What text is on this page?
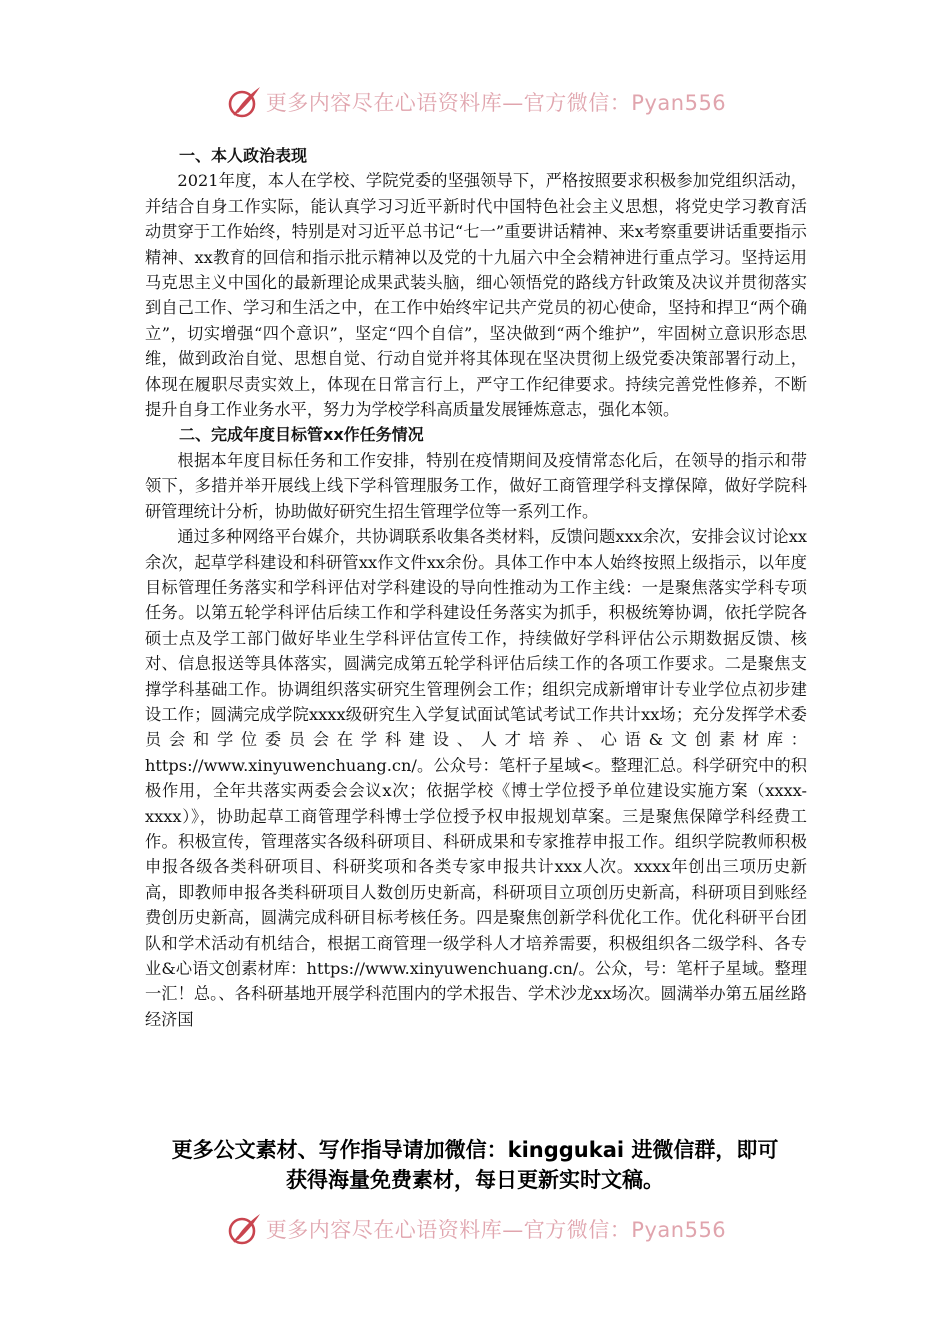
更多内容尽在心语资料库—官方微信：Pyan556

一、本人政治表现

2021年度，本人在学校、学院党委的坚强领导下，严格按照要求积极参加党组织活动，并结合自身工作实际，能认真学习习近平新时代中国特色社会主义思想，将党史学习教育活动贯穿于工作始终，特别是对习近平总书记“七一”重要讲话精神、来x考察重要讲话重要指示精神、xx教育的回信和指示批示精神以及党的十九届六中全会精神进行重点学习。坚持运用马克思主义中国化的最新理论成果武装头脑，细心领悟党的路线方针政策及决议并贯彻落实到自己工作、学习和生活之中，在工作中始终牢记共产党员的初心使命，坚持和捍卫“两个确立”，切实增强“四个意识”，坚定“四个自信”，坚决做到“两个维护”，牢固树立意识形态思维，做到政治自觉、思想自觉、行动自觉并将其体现在坚决贯彻上级党委决策部署行动上，体现在履职尽责实效上，体现在日常言行上，严守工作纪律要求。持续完善党性修养，不断提升自身工作业务水平，努力为学校学科高质量发展锤炼意志，强化本领。

二、完成年度目标管xx作任务情况

根据本年度目标任务和工作安排，特别在疫情期间及疫情常态化后，在领导的指示和带领下，多措并举开展线上线下学科管理服务工作，做好工商管理学科支撑保障，做好学院科研管理统计分析，协助做好研究生招生管理学位等一系列工作。

通过多种网络平台媒介，共协调联系收集各类材料，反馈问题xxx余次，安排会议讨论xx余次，起草学科建设和科研管xx作文件xx余份。具体工作中本人始终按照上级指示，以年度目标管理任务落实和学科评估对学科建设的导向性推动为工作主线：一是聚焦落实学科专项任务。以第五轮学科评估后续工作和学科建设任务落实为抓手，积极统筹协调，依托学院各硕士点及学工部门做好毕业生学科评估宣传工作，持续做好学科评估公示期数据反馈、核对、信息报送等具体落实，圆满完成第五轮学科评估后续工作的各项工作要求。二是聚焦支撑学科基础工作。协调组织落实研究生管理例会工作；组织完成新增审计专业学位点初步建设工作；圆满完成学院xxxx级研究生入学复试面试笔试考试工作共计xx场；充分发挥学术委员会和学位委员会在学科建设、人才培养、心语&文创素材库：https://www.xinyuwenchuang.cn/。公众号：笔杆子星域<。整理汇总。科学研究中的积极作用，全年共落实两委会会议x次；依据学校《博士学位授予单位建设实施方案（xxxx-xxxx）》，协助起草工商管理学科博士学位授予权申报规划草案。三是聚焦保障学科经费工作。积极宣传，管理落实各级科研项目、科研成果和专家推荐申报工作。组织学院教师积极申报各级各类科研项目、科研奖项和各类专家申报共计xxx人次。xxxx年创出三项历史新高，即教师申报各类科研项目人数创历史新高，科研项目立项创历史新高，科研项目到账经费创历史新高，圆满完成科研目标考核任务。四是聚焦创新学科优化工作。优化科研平台团队和学术活动有机结合，根据工商管理一级学科人才培养需要，积极组织各二级学科、各专业&心语文创素材库：https://www.xinyuwenchuang.cn/。公众，号：笔杆子星域。整理一汇！总。、各科研基地开展学科范围内的学术报告、学术沙龙xx场次。圆满举办第五届丝路经济国

更多公文素材、写作指导请加微信：kinggukai 进微信群，即可
获得海量免费素材，每日更新实时文稿。
更多内容尽在心语资料库—官方微信：Pyan556
